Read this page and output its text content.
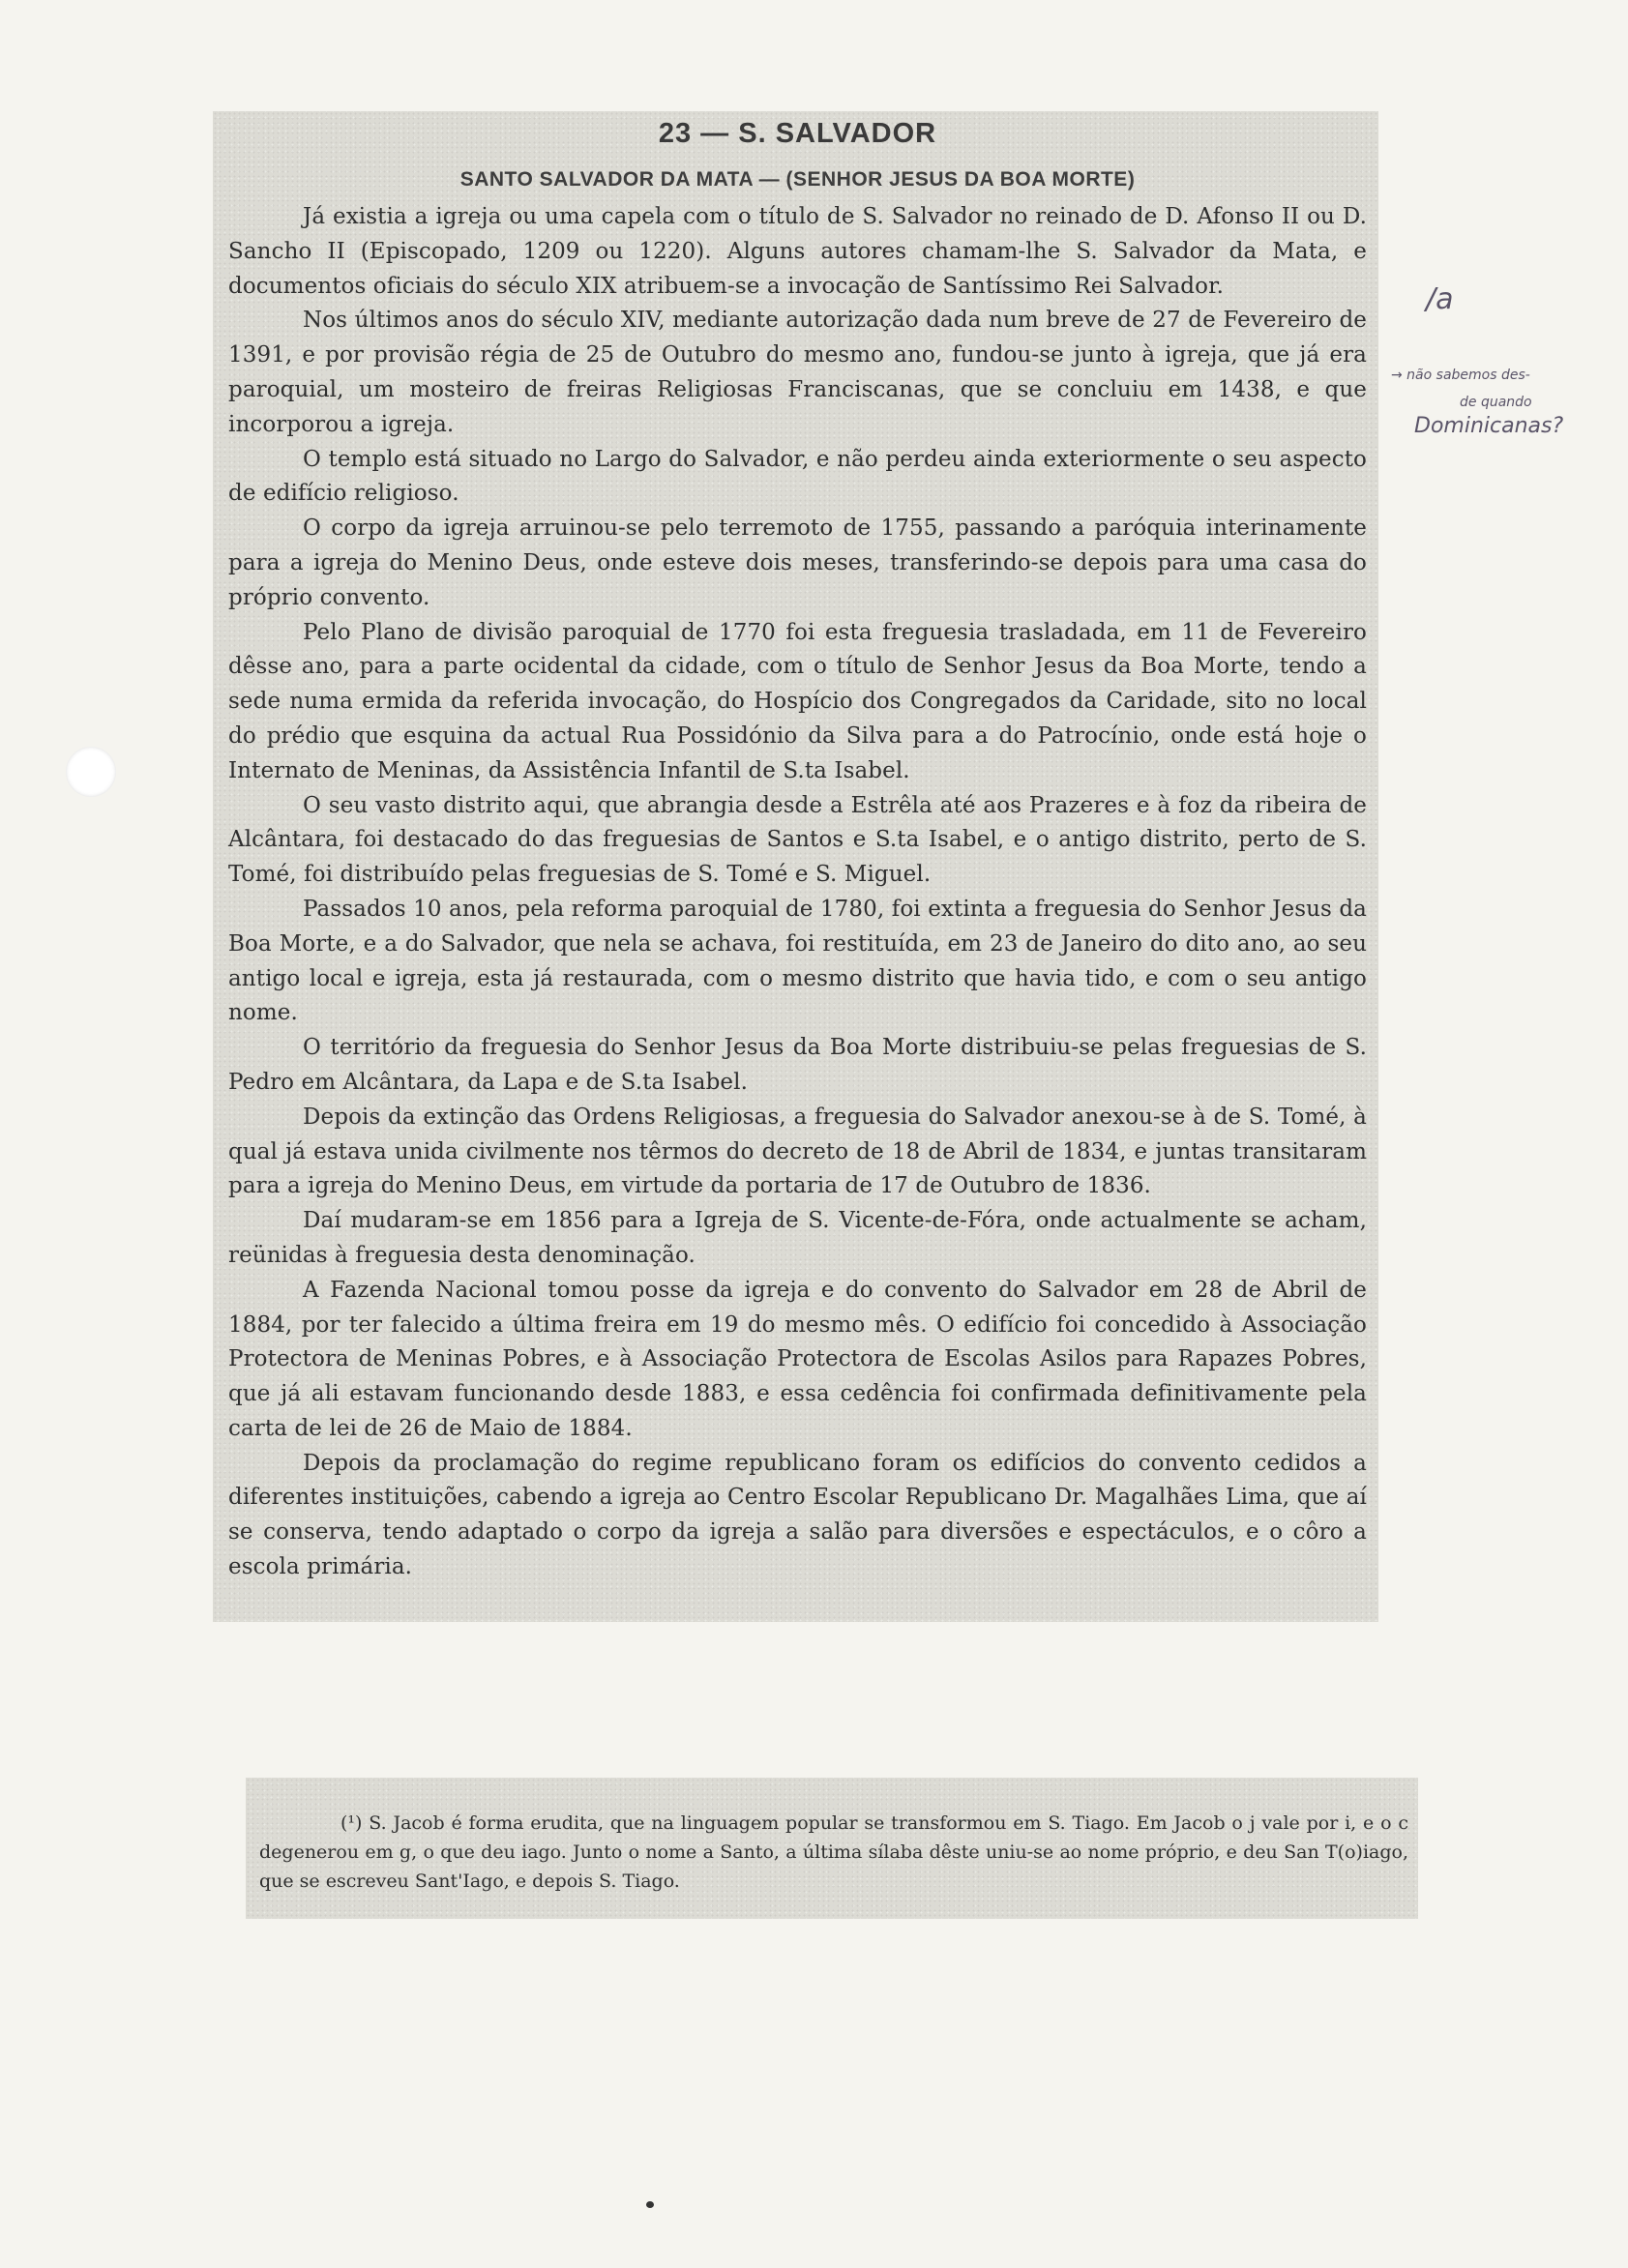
23 — S. SALVADOR
SANTO SALVADOR DA MATA — (SENHOR JESUS DA BOA MORTE)

Já existia a igreja ou uma capela com o título de S. Salvador no reinado de D. Afonso II ou D. Sancho II (Episcopado, 1209 ou 1220). Alguns autores chamam-lhe S. Salvador da Mata, e documentos oficiais do século XIX atribuem-se a invocação de Santíssimo Rei Salvador.

Nos últimos anos do século XIV, mediante autorização dada num breve de 27 de Fevereiro de 1391, e por provisão régia de 25 de Outubro do mesmo ano, fundou-se junto à igreja, que já era paroquial, um mosteiro de freiras Religiosas Franciscanas, que se concluiu em 1438, e que incorporou a igreja.

O templo está situado no Largo do Salvador, e não perdeu ainda exteriormente o seu aspecto de edifício religioso.

O corpo da igreja arruinou-se pelo terremoto de 1755, passando a paróquia interinamente para a igreja do Menino Deus, onde esteve dois meses, transferindo-se depois para uma casa do próprio convento.

Pelo Plano de divisão paroquial de 1770 foi esta freguesia trasladada, em 11 de Fevereiro dêsse ano, para a parte ocidental da cidade, com o título de Senhor Jesus da Boa Morte, tendo a sede numa ermida da referida invocação, do Hospício dos Congregados da Caridade, sito no local do prédio que esquina da actual Rua Possidónio da Silva para a do Patrocínio, onde está hoje o Internato de Meninas, da Assistência Infantil de S.ta Isabel.

O seu vasto distrito aqui, que abrangia desde a Estrêla até aos Prazeres e à foz da ribeira de Alcântara, foi destacado do das freguesias de Santos e S.ta Isabel, e o antigo distrito, perto de S. Tomé, foi distribuído pelas freguesias de S. Tomé e S. Miguel.

Passados 10 anos, pela reforma paroquial de 1780, foi extinta a freguesia do Senhor Jesus da Boa Morte, e a do Salvador, que nela se achava, foi restituída, em 23 de Janeiro do dito ano, ao seu antigo local e igreja, esta já restaurada, com o mesmo distrito que havia tido, e com o seu antigo nome.

O território da freguesia do Senhor Jesus da Boa Morte distribuiu-se pelas freguesias de S. Pedro em Alcântara, da Lapa e de S.ta Isabel.

Depois da extinção das Ordens Religiosas, a freguesia do Salvador anexou-se à de S. Tomé, à qual já estava unida civilmente nos têrmos do decreto de 18 de Abril de 1834, e juntas transitaram para a igreja do Menino Deus, em virtude da portaria de 17 de Outubro de 1836.

Daí mudaram-se em 1856 para a Igreja de S. Vicente-de-Fóra, onde actualmente se acham, reünidas à freguesia desta denominação.

A Fazenda Nacional tomou posse da igreja e do convento do Salvador em 28 de Abril de 1884, por ter falecido a última freira em 19 do mesmo mês. O edifício foi concedido à Associação Protectora de Meninas Pobres, e à Associação Protectora de Escolas Asilos para Rapazes Pobres, que já ali estavam funcionando desde 1883, e essa cedência foi confirmada definitivamente pela carta de lei de 26 de Maio de 1884.

Depois da proclamação do regime republicano foram os edifícios do convento cedidos a diferentes instituições, cabendo a igreja ao Centro Escolar Republicano Dr. Magalhães Lima, que aí se conserva, tendo adaptado o corpo da igreja a salão para diversões e espectáculos, e o côro a escola primária.

(¹) S. Jacob é forma erudita, que na linguagem popular se transformou em S. Tiago. Em Jacob o j vale por i, e o c degenerou em g, o que deu iago. Junto o nome a Santo, a última sílaba dêste uniu-se ao nome próprio, e deu San T(o)iago, que se escreveu Sant'Iago, e depois S. Tiago.

/a

→ não sabemos des-

de quando

Dominicanas?
